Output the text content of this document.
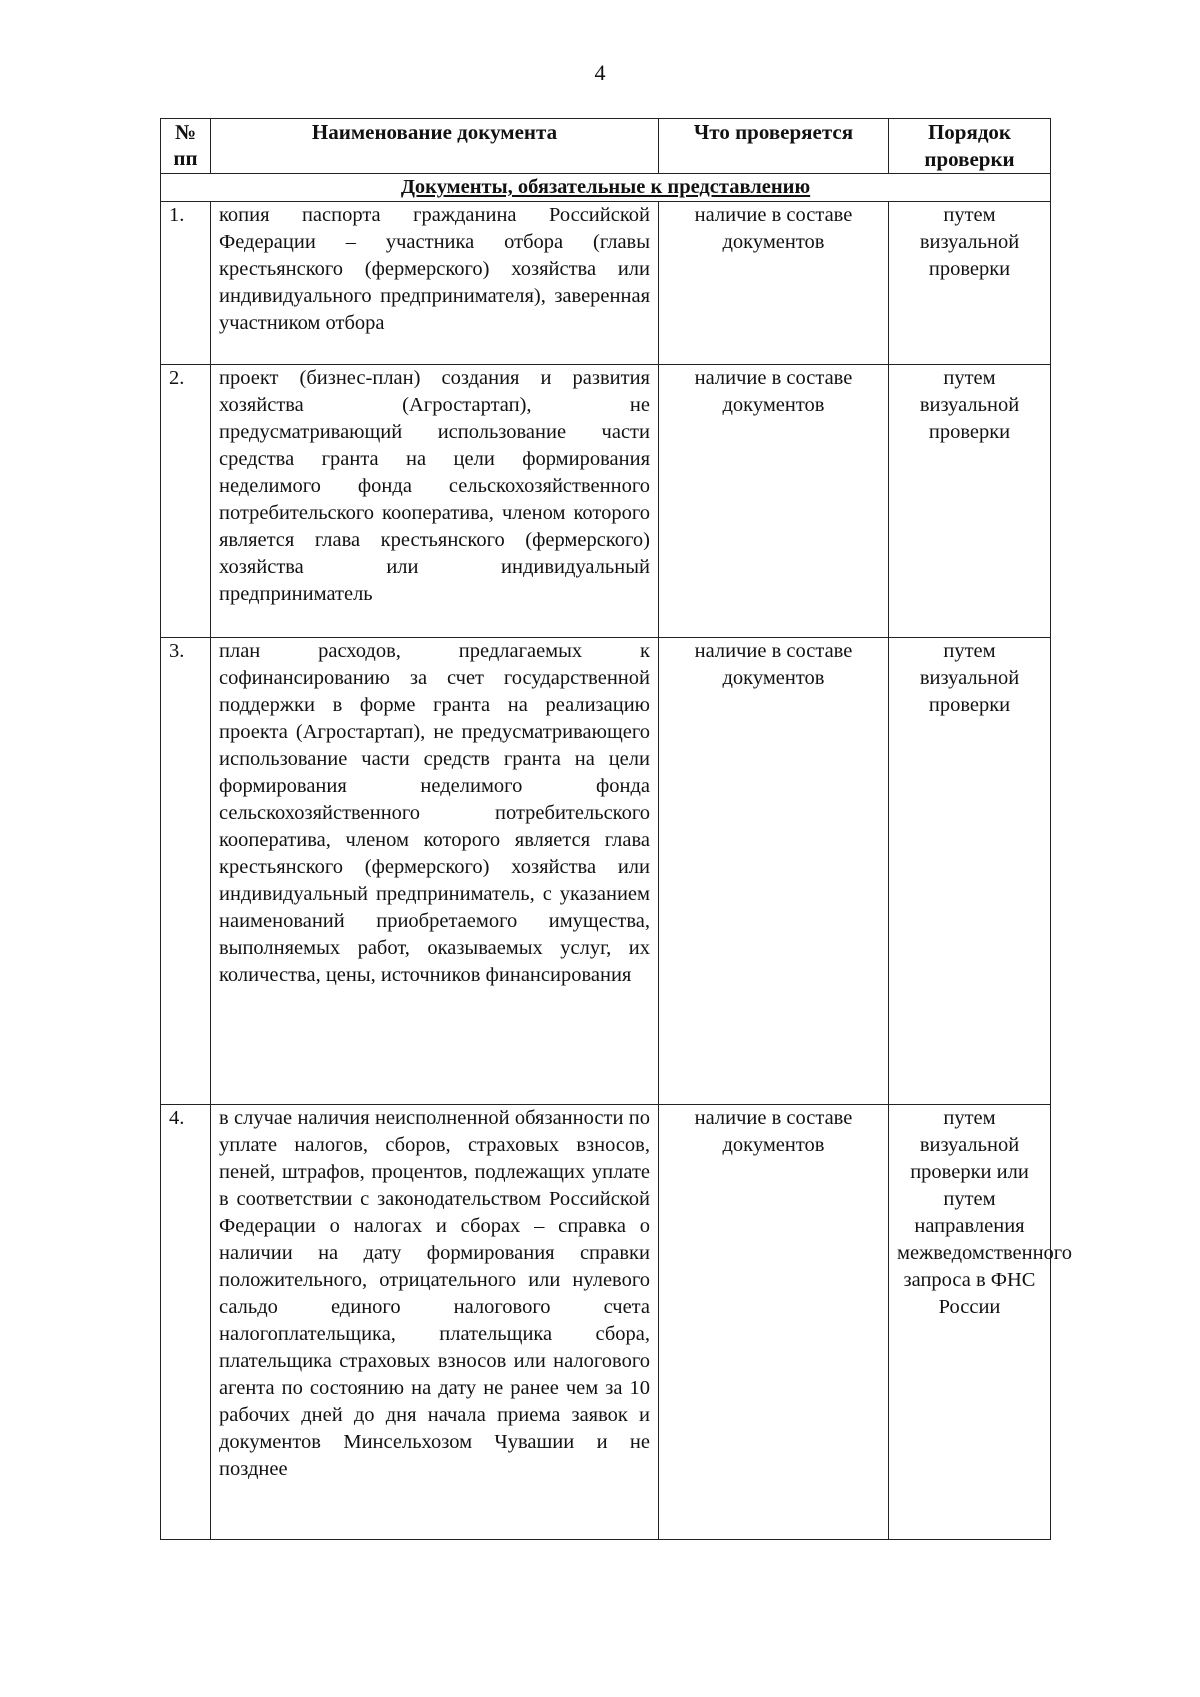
4
№ пп	Наименование документа	Что проверяется	Порядок проверки
Документы, обязательные к представлению			
1.	копия паспорта гражданина Российской Федерации – участника отбора (главы крестьянского (фермерского) хозяйства или индивидуального предпринимателя), заверенная участником отбора	наличие в составе документов	путем визуальной проверки
2.	проект (бизнес-план) создания и развития хозяйства (Агростартап), не предусматривающий использование части средства гранта на цели формирования неделимого фонда сельскохозяйственного потребительского кооператива, членом которого является глава крестьянского (фермерского) хозяйства или индивидуальный предприниматель	наличие в составе документов	путем визуальной проверки
3.	план расходов, предлагаемых к софинансированию за счет государственной поддержки в форме гранта на реализацию проекта (Агростартап), не предусматривающего использование части средств гранта на цели формирования неделимого фонда сельскохозяйственного потребительского кооператива, членом которого является глава крестьянского (фермерского) хозяйства или индивидуальный предприниматель, с указанием наименований приобретаемого имущества, выполняемых работ, оказываемых услуг, их количества, цены, источников финансирования	наличие в составе документов	путем визуальной проверки
4.	в случае наличия неисполненной обязанности по уплате налогов, сборов, страховых взносов, пеней, штрафов, процентов, подлежащих уплате в соответствии с законодательством Российской Федерации о налогах и сборах – справка о наличии на дату формирования справки положительного, отрицательного или нулевого сальдо единого налогового счета налогоплательщика, плательщика сбора, плательщика страховых взносов или налогового агента по состоянию на дату не ранее чем за 10 рабочих дней до дня начала приема заявок и документов Минсельхозом Чувашии и не позднее	наличие в составе документов	путем визуальной проверки или путем направления межведомственного запроса в ФНС России
